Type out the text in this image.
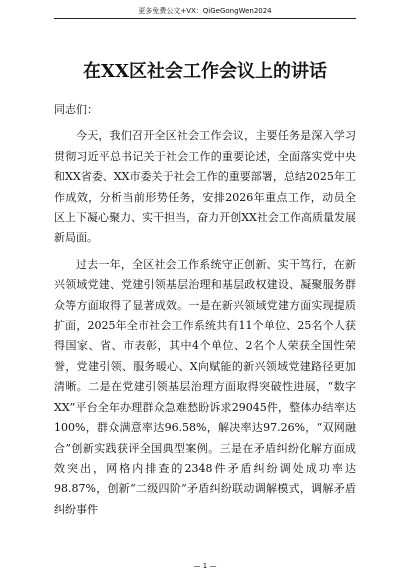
更多免费公文+VX：QiGeGongWen2024
在XX区社会工作会议上的讲话

同志们：

今天，我们召开全区社会工作会议，主要任务是深入学习贯彻习近平总书记关于社会工作的重要论述，全面落实党中央和XX省委、XX市委关于社会工作的重要部署，总结2025年工作成效，分析当前形势任务，安排2026年重点工作，动员全区上下凝心聚力、实干担当，奋力开创XX社会工作高质量发展新局面。

过去一年，全区社会工作系统守正创新、实干笃行，在新兴领域党建、党建引领基层治理和基层政权建设、凝聚服务群众等方面取得了显著成效。一是在新兴领域党建方面实现提质扩面，2025年全市社会工作系统共有11个单位、25名个人获得国家、省、市表彰，其中4个单位、2名个人荣获全国性荣誉，党建引领、服务暖心、X向赋能的新兴领域党建路径更加清晰。二是在党建引领基层治理方面取得突破性进展，“数字XX”平台全年办理群众急难愁盼诉求29045件，整体办结率达100%，群众满意率达96.58%，解决率达97.26%，“双网融合”创新实践获评全国典型案例。三是在矛盾纠纷化解方面成效突出，网格内排查的2348件矛盾纠纷调处成功率达98.87%，创新“二级四阶”矛盾纠纷联动调解模式，调解矛盾纠纷事件

— 1 —
